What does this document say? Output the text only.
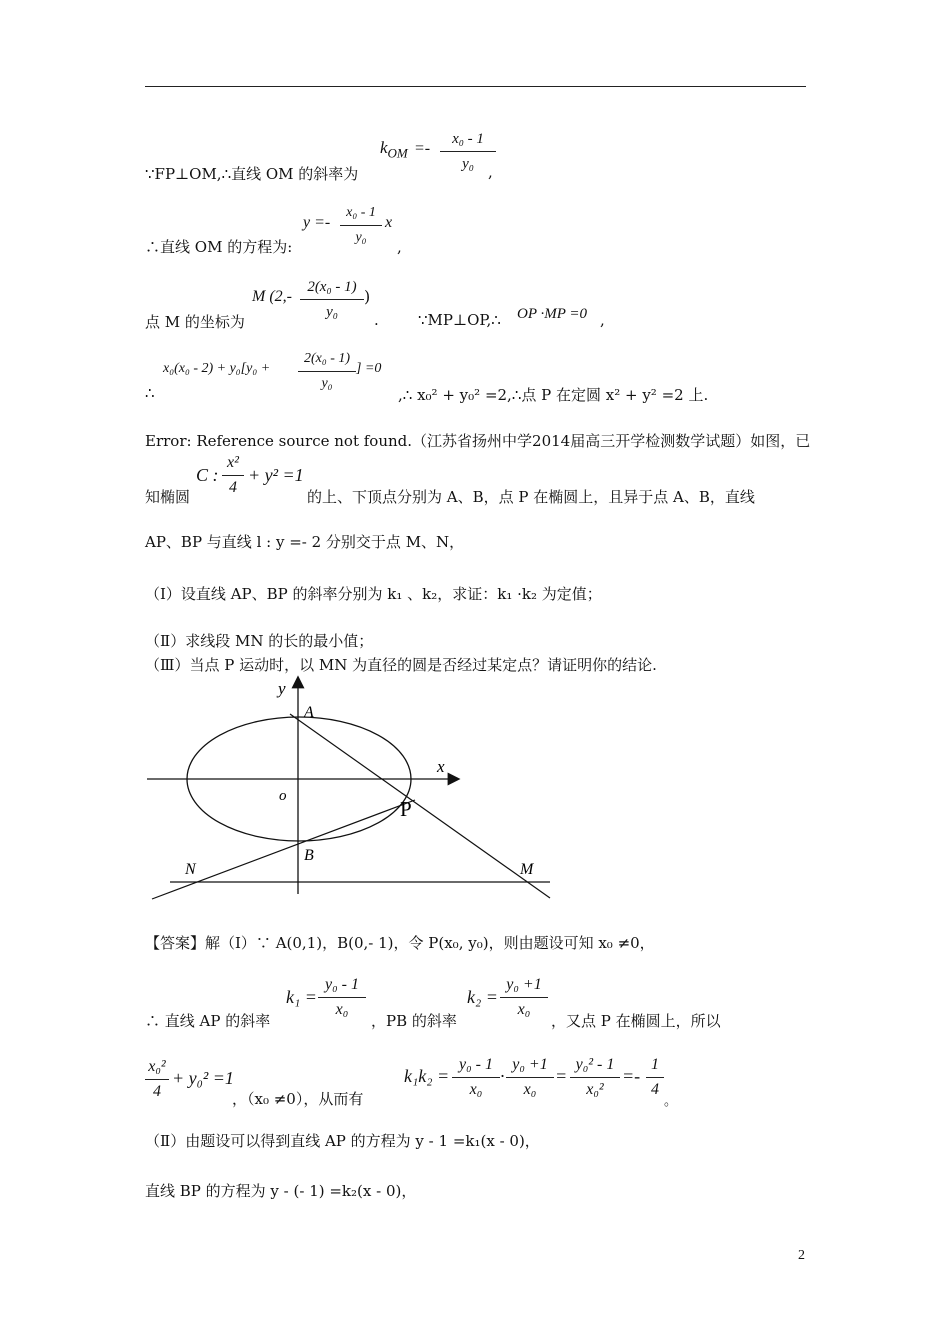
∵FP⊥OM,∴直线 OM 的斜率为
$k_{OM}$ =-
x₀ - 1
y₀ ,
∴直线 OM 的方程为:
y =-
x₀ - 1
y₀
x
,
点 M 的坐标为
M (2,-
2(x₀ - 1)
y₀
)
.	∵MP⊥OP,∴ OP ·MP =0 ,
∴
x₀(x₀ - 2) + y₀[y₀ +
2(x₀ - 1)
y₀
] =0
,∴ x₀² + y₀² =2,∴点 P 在定圆 x² + y² =2 上.
Error: Reference source not found.（江苏省扬州中学2014届高三开学检测数学试题）如图，已
知椭圆
C :
x²
4
+ y² =1
的上、下顶点分别为 A、B，点 P 在椭圆上，且异于点 A、B，直线
AP、BP 与直线 l : y =- 2 分别交于点 M、N，
（Ⅰ）设直线 AP、BP 的斜率分别为 k₁ 、k₂，求证：k₁ ·k₂ 为定值；
（Ⅱ）求线段 MN 的长的最小值；
（Ⅲ）当点 P 运动时，以 MN 为直径的圆是否经过某定点？请证明你的结论.
y
x
A
o
P
B
N	M
【答案】解（Ⅰ）∵ A(0,1)，B(0,- 1)，令 P(x₀, y₀)，则由题设可知 x₀ ≠0，
∴ 直线 AP 的斜率
k₁ =
y₀ - 1
x₀
，PB 的斜率
k₂ =
y₀ +1
x₀
，又点 P 在椭圆上，所以
x₀²
4
+ y₀² =1
，（x₀ ≠0），从而有
k₁k₂ =
y₀ - 1
x₀
·
y₀ +1
x₀
=
y₀² - 1
x₀²
=-
1
4
。
（Ⅱ）由题设可以得到直线 AP 的方程为 y - 1 =k₁(x - 0)，
直线 BP 的方程为 y - (- 1) =k₂(x - 0)，
2
